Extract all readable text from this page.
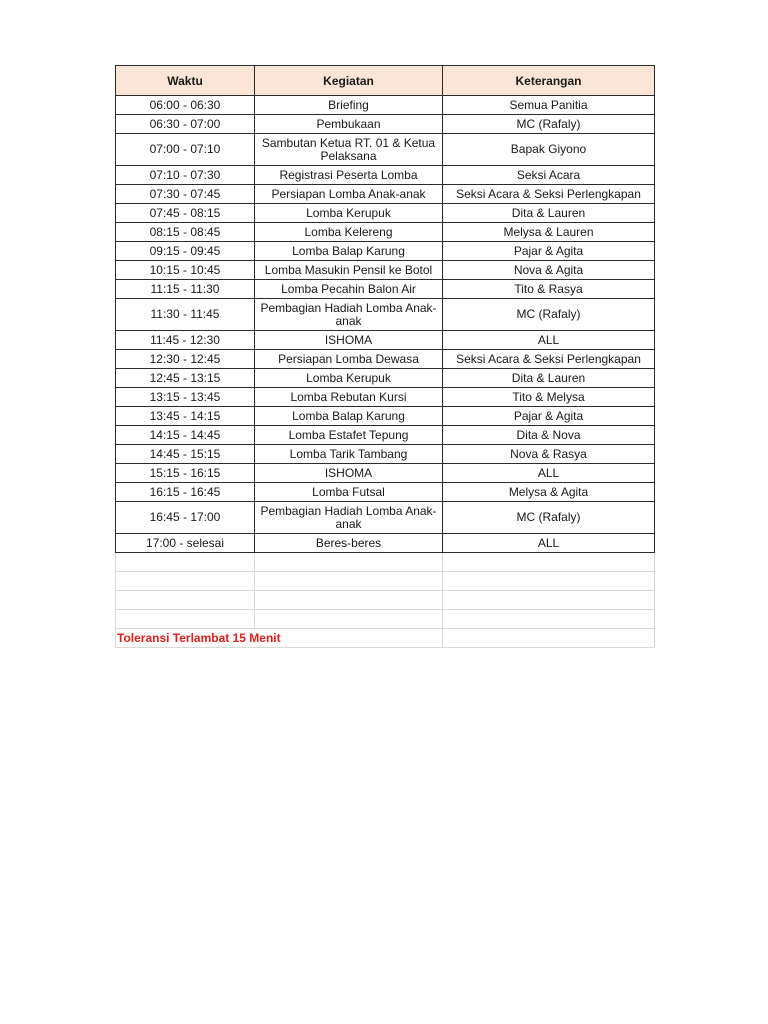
Waktu	Kegiatan	Keterangan
06:00 - 06:30	Briefing	Semua Panitia
06:30 - 07:00	Pembukaan	MC (Rafaly)
07:00 - 07:10	Sambutan Ketua RT. 01 & Ketua Pelaksana	Bapak Giyono
07:10 - 07:30	Registrasi Peserta Lomba	Seksi Acara
07:30 - 07:45	Persiapan Lomba Anak-anak	Seksi Acara & Seksi Perlengkapan
07:45 - 08:15	Lomba Kerupuk	Dita & Lauren
08:15 - 08:45	Lomba Kelereng	Melysa & Lauren
09:15 - 09:45	Lomba Balap Karung	Pajar & Agita
10:15 - 10:45	Lomba Masukin Pensil ke Botol	Nova & Agita
11:15 - 11:30	Lomba Pecahin Balon Air	Tito & Rasya
11:30 - 11:45	Pembagian Hadiah Lomba Anak-anak	MC (Rafaly)
11:45 - 12:30	ISHOMA	ALL
12:30 - 12:45	Persiapan Lomba Dewasa	Seksi Acara & Seksi Perlengkapan
12:45 - 13:15	Lomba Kerupuk	Dita & Lauren
13:15 - 13:45	Lomba Rebutan Kursi	Tito & Melysa
13:45 - 14:15	Lomba Balap Karung	Pajar & Agita
14:15 - 14:45	Lomba Estafet Tepung	Dita & Nova
14:45 - 15:15	Lomba Tarik Tambang	Nova & Rasya
15:15 - 16:15	ISHOMA	ALL
16:15 - 16:45	Lomba Futsal	Melysa & Agita
16:45 - 17:00	Pembagian Hadiah Lomba Anak-anak	MC (Rafaly)
17:00 - selesai	Beres-beres	ALL

Toleransi Terlambat 15 Menit		
